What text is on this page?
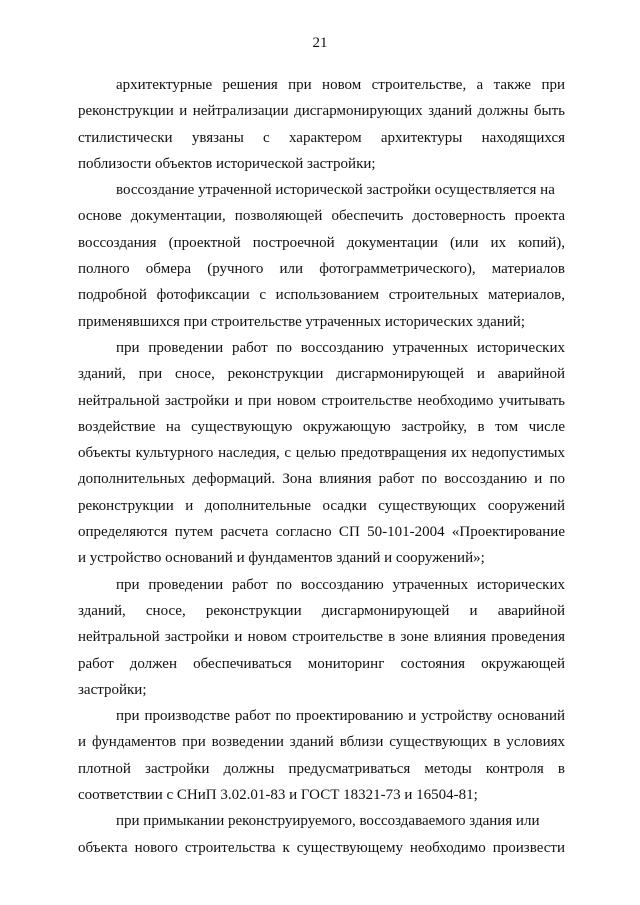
21

архитектурные решения при новом строительстве, а также при
реконструкции и нейтрализации дисгармонирующих зданий должны быть
стилистически увязаны с характером архитектуры находящихся
поблизости объектов исторической застройки;

воссоздание утраченной исторической застройки осуществляется на
основе документации, позволяющей обеспечить достоверность проекта
воссоздания (проектной построечной документации (или их копий),
полного обмера (ручного или фотограмметрического), материалов
подробной фотофиксации с использованием строительных материалов,
применявшихся при строительстве утраченных исторических зданий;

при проведении работ по воссозданию утраченных исторических
зданий, при сносе, реконструкции дисгармонирующей и аварийной
нейтральной застройки и при новом строительстве необходимо учитывать
воздействие на существующую окружающую застройку, в том числе
объекты культурного наследия, с целью предотвращения их недопустимых
дополнительных деформаций. Зона влияния работ по воссозданию и по
реконструкции и дополнительные осадки существующих сооружений
определяются путем расчета согласно СП 50-101-2004 «Проектирование
и устройство оснований и фундаментов зданий и сооружений»;

при проведении работ по воссозданию утраченных исторических
зданий, сносе, реконструкции дисгармонирующей и аварийной
нейтральной застройки и новом строительстве в зоне влияния проведения
работ должен обеспечиваться мониторинг состояния окружающей
застройки;

при производстве работ по проектированию и устройству оснований
и фундаментов при возведении зданий вблизи существующих в условиях
плотной застройки должны предусматриваться методы контроля в
соответствии с СНиП 3.02.01-83 и ГОСТ 18321-73 и 16504-81;

при примыкании реконструируемого, воссоздаваемого здания или
объекта нового строительства к существующему необходимо произвести
